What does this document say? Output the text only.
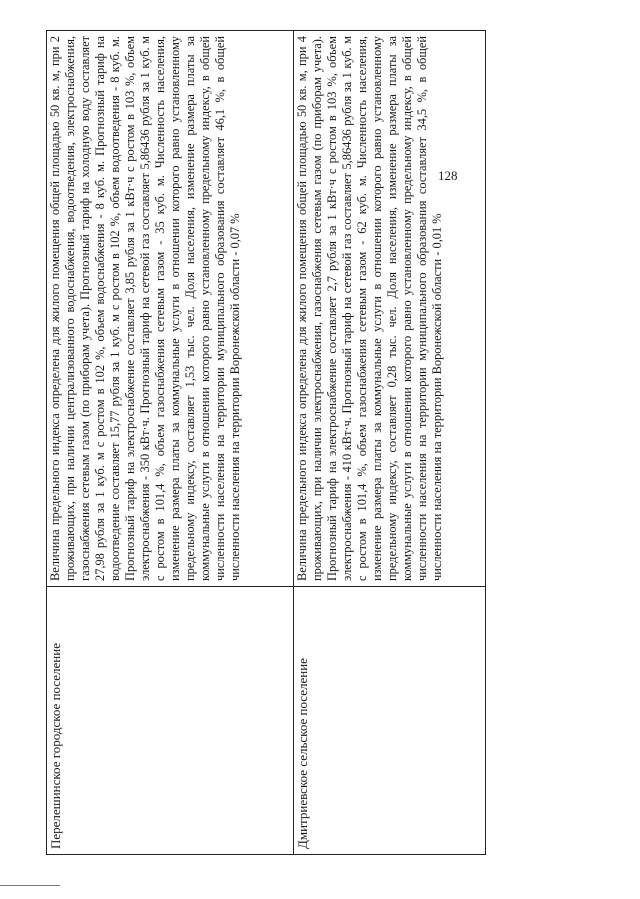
128
Перелешинское городское поселение	Величина предельного индекса определена для жилого помещения общей площадью 50 кв. м, при 2 проживающих, при наличии централизованного водоснабжения, водоотведения, электроснабжения, газоснабжения сетевым газом (по приборам учета). Прогнозный тариф на холодную воду составляет 27,98 рубля за 1 куб. м с ростом в 102 %, объем водоснабжения - 8 куб. м. Прогнозный тариф на водоотведение составляет 15,77 рубля за 1 куб. м с ростом в 102 %, объем водоотведения - 8 куб. м. Прогнозный тариф на электроснабжение составляет 3,85 рубля за 1 кВт·ч с ростом в 103 %, объем электроснабжения - 350 кВт·ч. Прогнозный тариф на сетевой газ составляет 5,86436 рубля за 1 куб. м с ростом в 101,4 %, объем газоснабжения сетевым газом - 35 куб. м. Численность населения, изменение размера платы за коммунальные услуги в отношении которого равно установленному предельному индексу, составляет 1,53 тыс. чел. Доля населения, изменение размера платы за коммунальные услуги в отношении которого равно установленному предельному индексу, в общей численности населения на территории муниципального образования составляет 46,1 %, в общей численности населения на территории Воронежской области - 0,07 %
Дмитриевское сельское поселение	Величина предельного индекса определена для жилого помещения общей площадью 50 кв. м, при 4 проживающих, при наличии электроснабжения, газоснабжения сетевым газом (по приборам учета). Прогнозный тариф на электроснабжение составляет 2,7 рубля за 1 кВт·ч с ростом в 103 %, объем электроснабжения - 410 кВт·ч. Прогнозный тариф на сетевой газ составляет 5,86436 рубля за 1 куб. м с ростом в 101,4 %, объем газоснабжения сетевым газом - 62 куб. м. Численность населения, изменение размера платы за коммунальные услуги в отношении которого равно установленному предельному индексу, составляет 0,28 тыс. чел. Доля населения, изменение размера платы за коммунальные услуги в отношении которого равно установленному предельному индексу, в общей численности населения на территории муниципального образования составляет 34,5 %, в общей численности населения на территории Воронежской области - 0,01 %
